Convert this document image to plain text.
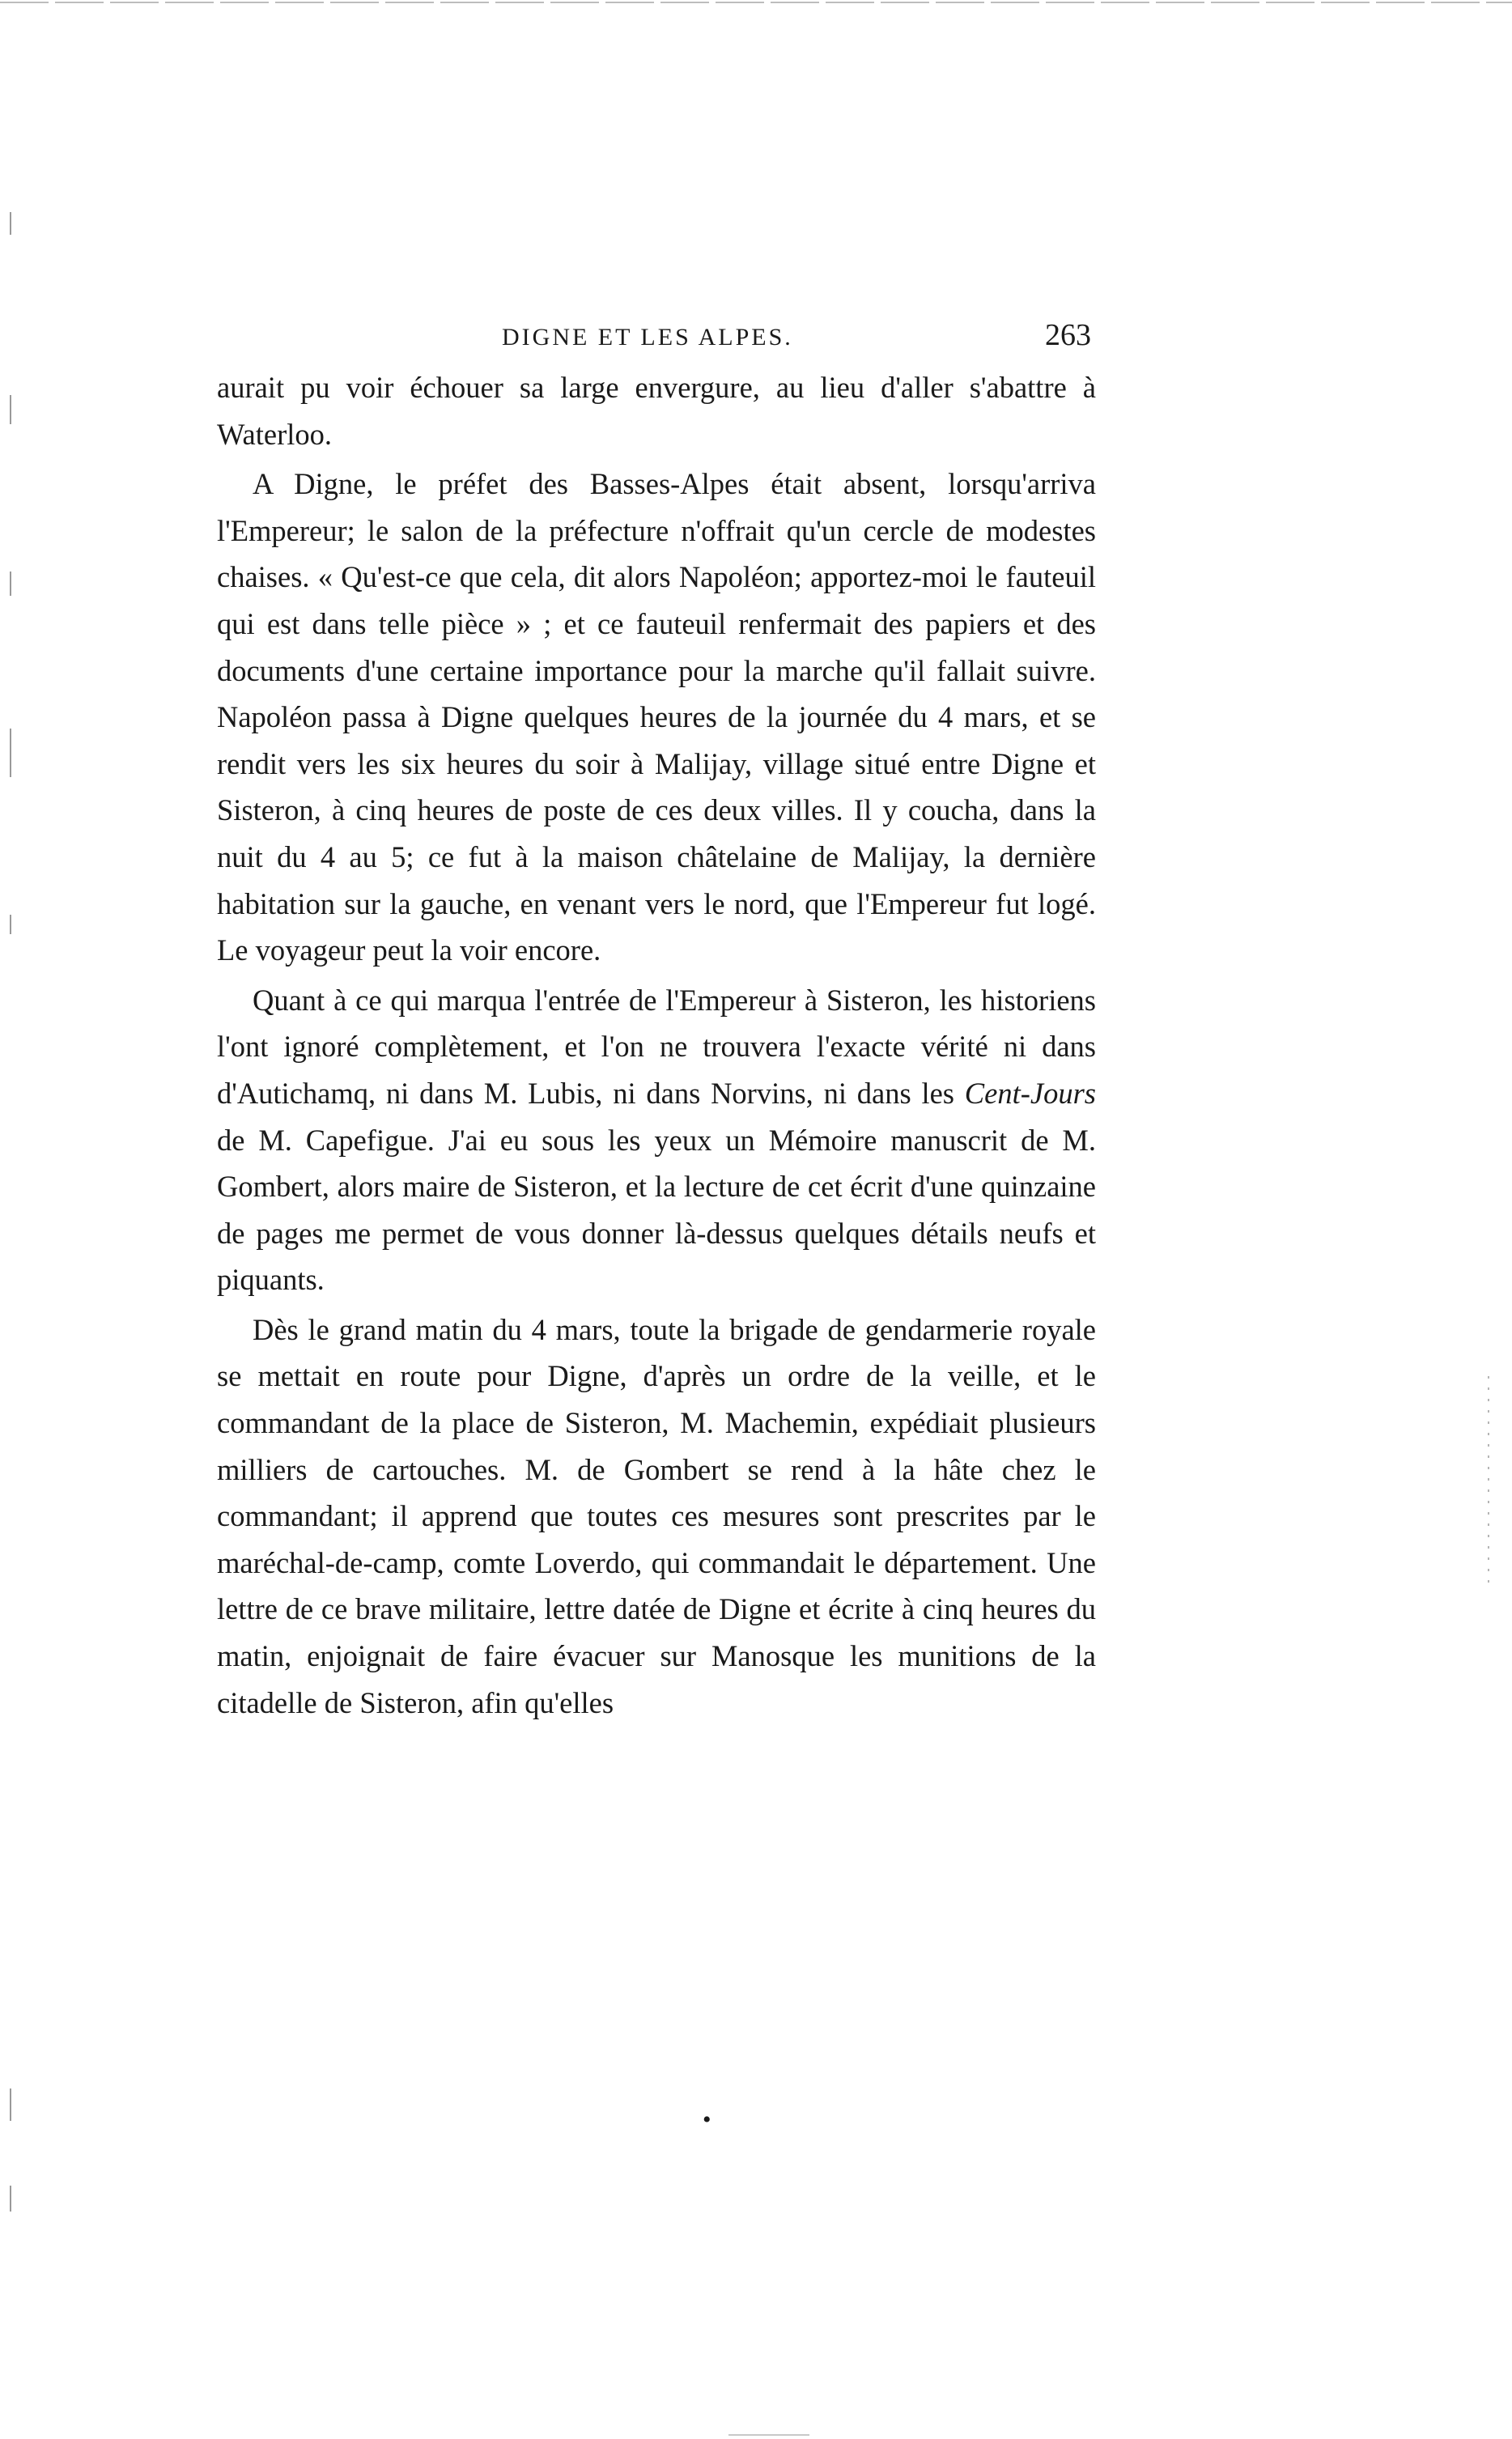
DIGNE ET LES ALPES.	263

aurait pu voir échouer sa large envergure, au lieu d'aller s'abattre à Waterloo.

A Digne, le préfet des Basses-Alpes était absent, lorsqu'arriva l'Empereur; le salon de la préfecture n'offrait qu'un cercle de modestes chaises. « Qu'est-ce que cela, dit alors Napoléon; apportez-moi le fauteuil qui est dans telle pièce » ; et ce fauteuil renfermait des papiers et des documents d'une certaine importance pour la marche qu'il fallait suivre. Napoléon passa à Digne quelques heures de la journée du 4 mars, et se rendit vers les six heures du soir à Malijay, village situé entre Digne et Sisteron, à cinq heures de poste de ces deux villes. Il y coucha, dans la nuit du 4 au 5; ce fut à la maison châtelaine de Malijay, la dernière habitation sur la gauche, en venant vers le nord, que l'Empereur fut logé. Le voyageur peut la voir encore.

Quant à ce qui marqua l'entrée de l'Empereur à Sisteron, les historiens l'ont ignoré complètement, et l'on ne trouvera l'exacte vérité ni dans d'Autichamq, ni dans M. Lubis, ni dans Norvins, ni dans les Cent-Jours de M. Capefigue. J'ai eu sous les yeux un Mémoire manuscrit de M. Gombert, alors maire de Sisteron, et la lecture de cet écrit d'une quinzaine de pages me permet de vous donner là-dessus quelques détails neufs et piquants.

Dès le grand matin du 4 mars, toute la brigade de gendarmerie royale se mettait en route pour Digne, d'après un ordre de la veille, et le commandant de la place de Sisteron, M. Machemin, expédiait plusieurs milliers de cartouches. M. de Gombert se rend à la hâte chez le commandant; il apprend que toutes ces mesures sont prescrites par le maréchal-de-camp, comte Loverdo, qui commandait le département. Une lettre de ce brave militaire, lettre datée de Digne et écrite à cinq heures du matin, enjoignait de faire évacuer sur Manosque les munitions de la citadelle de Sisteron, afin qu'elles

•
